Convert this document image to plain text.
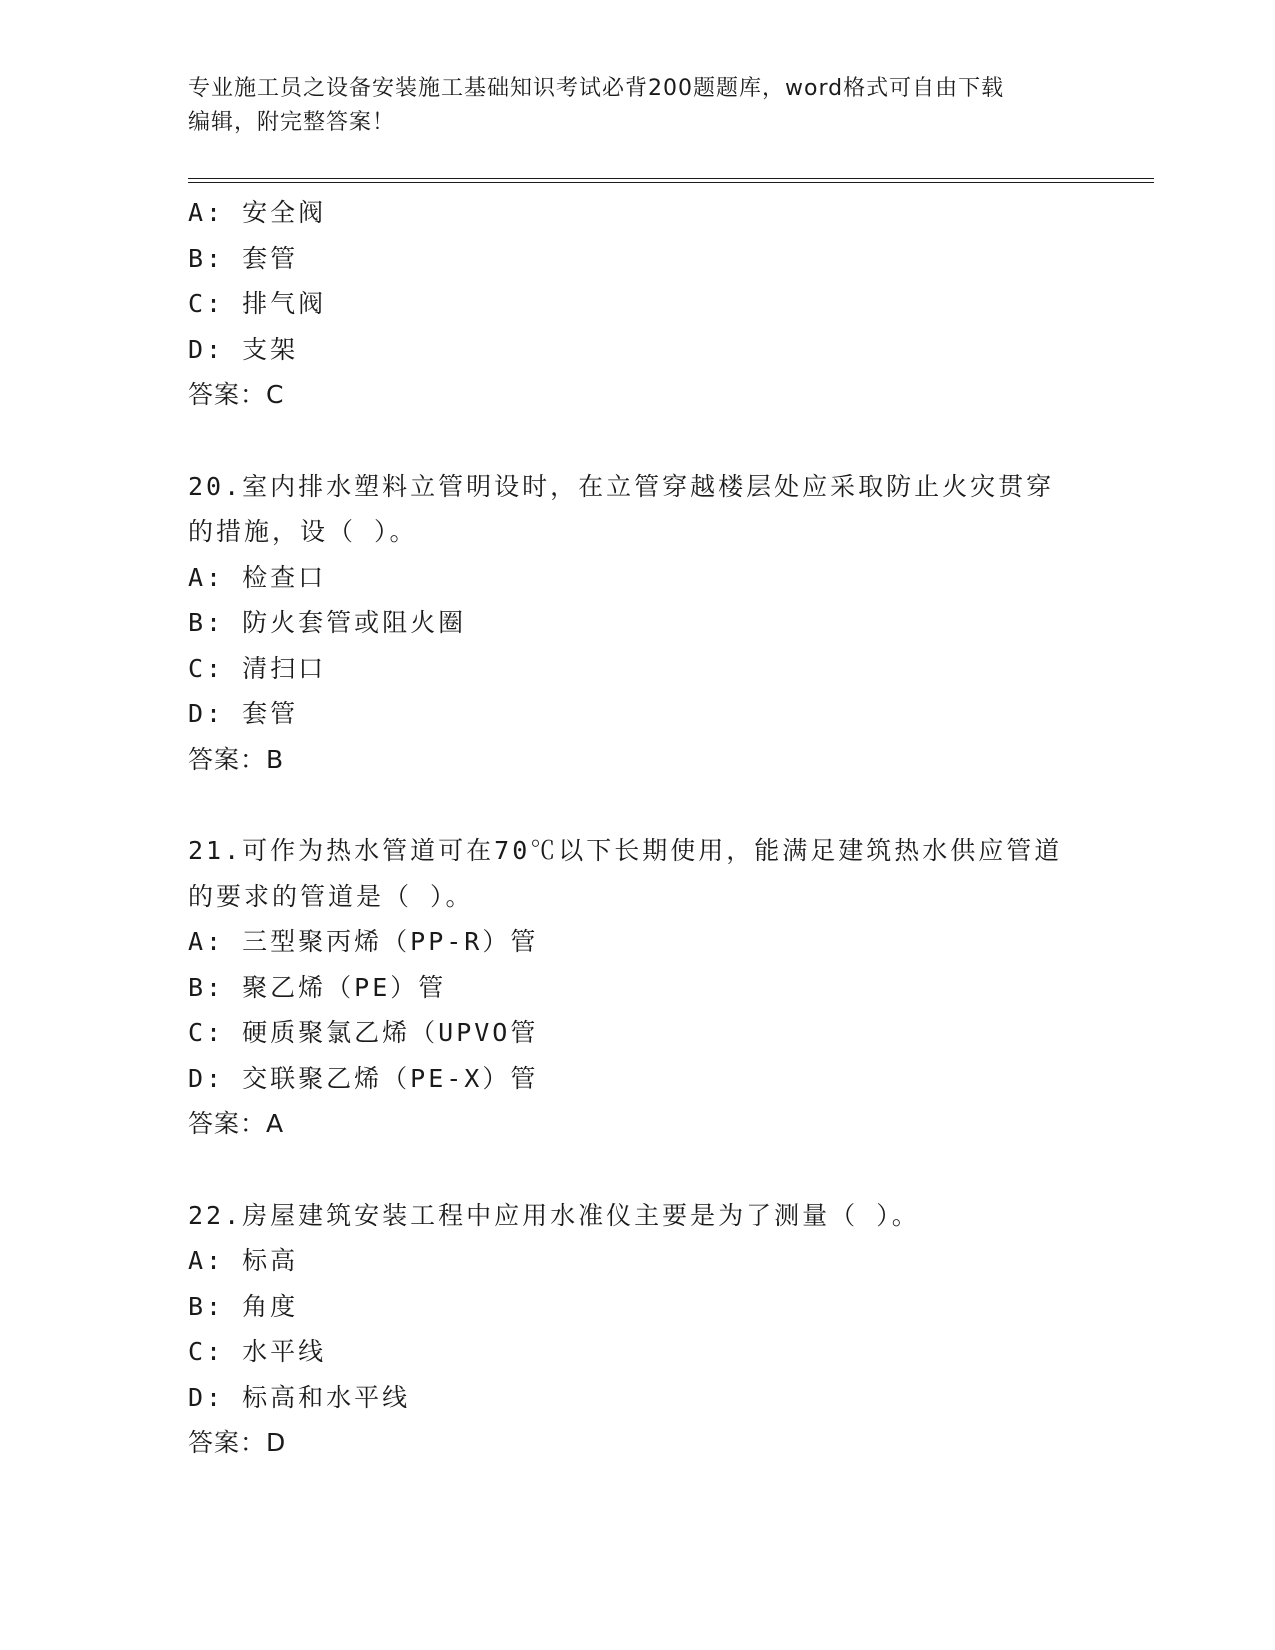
专业施工员之设备安装施工基础知识考试必背200题题库，word格式可自由下载
编辑，附完整答案！
A: 安全阀
B: 套管
C: 排气阀
D: 支架
答案：C
20.室内排水塑料立管明设时，在立管穿越楼层处应采取防止火灾贯穿
的措施，设（ ）。
A: 检查口
B: 防火套管或阻火圈
C: 清扫口
D: 套管
答案：B
21.可作为热水管道可在70℃以下长期使用，能满足建筑热水供应管道
的要求的管道是（ ）。
A: 三型聚丙烯（PP-R）管
B: 聚乙烯（PE）管
C: 硬质聚氯乙烯（UPVO管
D: 交联聚乙烯（PE-X）管
答案：A
22.房屋建筑安装工程中应用水准仪主要是为了测量（ ）。
A: 标高
B: 角度
C: 水平线
D: 标高和水平线
答案：D
